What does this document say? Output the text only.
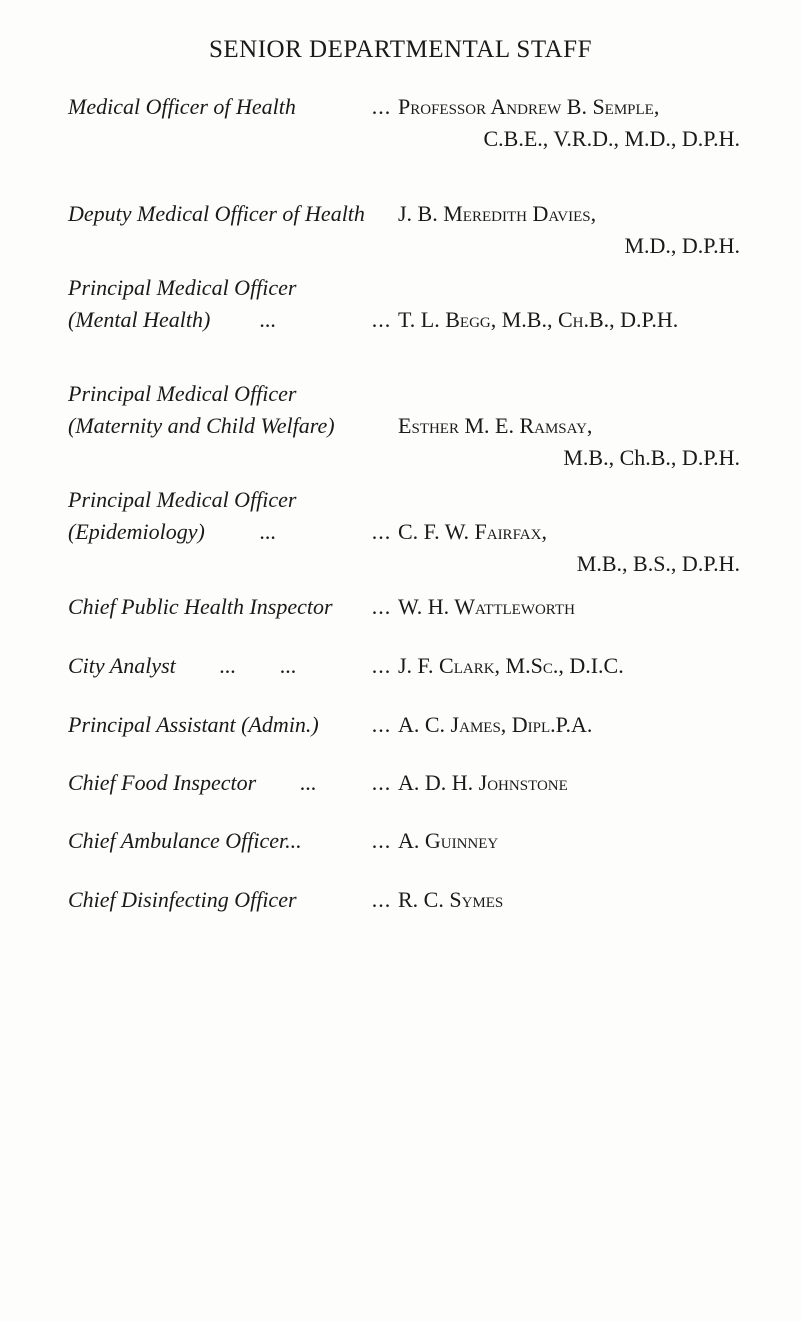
SENIOR DEPARTMENTAL STAFF
Medical Officer of Health	... Professor Andrew B. Semple,
C.B.E., V.R.D., M.D., D.P.H.
Deputy Medical Officer of Health J. B. Meredith Davies,
M.D., D.P.H.
Principal Medical Officer
(Mental Health)         ...	... T. L. Begg, M.B., Ch.B., D.P.H.
Principal Medical Officer
(Maternity and Child Welfare)	Esther M. E. Ramsay,
M.B., Ch.B., D.P.H.
Principal Medical Officer
(Epidemiology)          ...	... C. F. W. Fairfax,
M.B., B.S., D.P.H.
Chief Public Health Inspector	... W. H. Wattleworth
City Analyst        ...        ...	... J. F. Clark, M.Sc., D.I.C.
Principal Assistant (Admin.)	... A. C. James, Dipl.P.A.
Chief Food Inspector        ...	... A. D. H. Johnstone
Chief Ambulance Officer...	... A. Guinney
Chief Disinfecting Officer	... R. C. Symes
